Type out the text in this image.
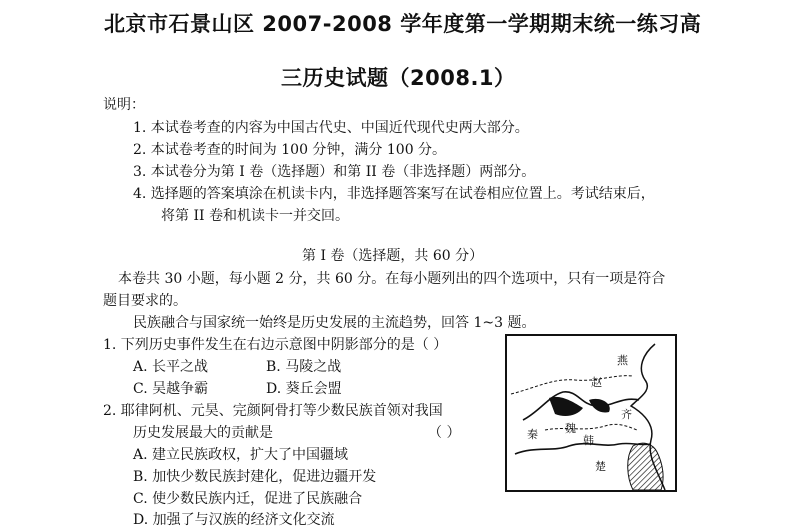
北京市石景山区 2007-2008 学年度第一学期期末统一练习高
三历史试题（2008.1）
说明：
1. 本试卷考查的内容为中国古代史、中国近代现代史两大部分。
2. 本试卷考查的时间为 100 分钟，满分 100 分。
3. 本试卷分为第 I 卷（选择题）和第 II 卷（非选择题）两部分。
4. 选择题的答案填涂在机读卡内，非选择题答案写在试卷相应位置上。考试结束后，
将第 II 卷和机读卡一并交回。
第 I 卷（选择题，共 60 分）
本卷共 30 小题，每小题 2 分，共 60 分。在每小题列出的四个选项中，只有一项是符合
题目要求的。
民族融合与国家统一始终是历史发展的主流趋势，回答 1~3 题。
1. 下列历史事件发生在右边示意图中阴影部分的是（ ）
A. 长平之战	B. 马陵之战
C. 吴越争霸	D. 葵丘会盟
2. 耶律阿机、元昊、完颜阿骨打等少数民族首领对我国
历史发展最大的贡献是	（ ）
A. 建立民族政权，扩大了中国疆域
B. 加快少数民族封建化，促进边疆开发
C. 使少数民族内迁，促进了民族融合
D. 加强了与汉族的经济文化交流
秦
赵
魏
韩
楚
齐
燕
